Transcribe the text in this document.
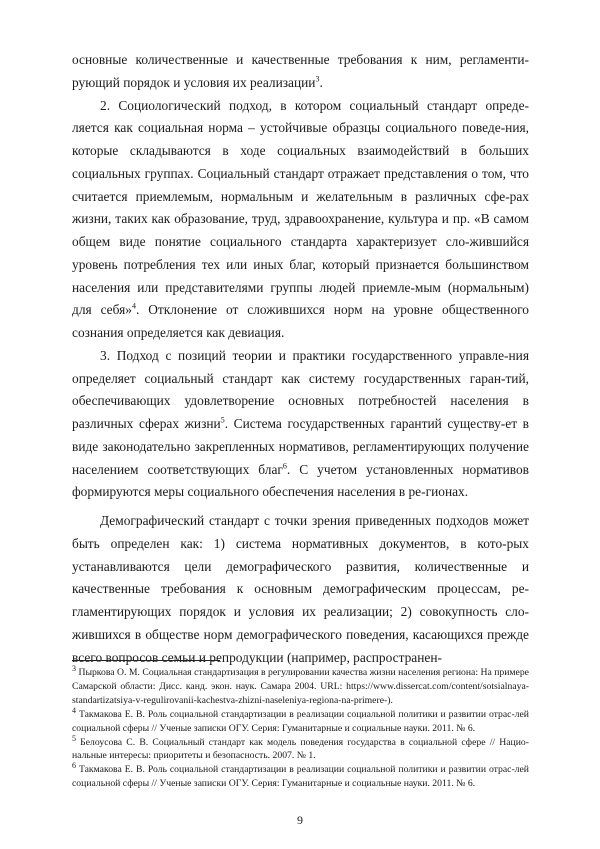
основные количественные и качественные требования к ним, регламенти-рующий порядок и условия их реализации$^3$.

2. Социологический подход, в котором социальный стандарт опреде-ляется как социальная норма – устойчивые образцы социального поведе-ния, которые складываются в ходе социальных взаимодействий в больших социальных группах. Социальный стандарт отражает представления о том, что считается приемлемым, нормальным и желательным в различных сфе-рах жизни, таких как образование, труд, здравоохранение, культура и пр. «В самом общем виде понятие социального стандарта характеризует сло-жившийся уровень потребления тех или иных благ, который признается большинством населения или представителями группы людей приемле-мым (нормальным) для себя»$^4$. Отклонение от сложившихся норм на уровне общественного сознания определяется как девиация.

3. Подход с позиций теории и практики государственного управле-ния определяет социальный стандарт как систему государственных гаран-тий, обеспечивающих удовлетворение основных потребностей населения в различных сферах жизни$^5$. Система государственных гарантий существу-ет в виде законодательно закрепленных нормативов, регламентирующих получение населением соответствующих благ$^6$. С учетом установленных нормативов формируются меры социального обеспечения населения в ре-гионах.

Демографический стандарт с точки зрения приведенных подходов может быть определен как: 1) система нормативных документов, в кото-рых устанавливаются цели демографического развития, количественные и качественные требования к основным демографическим процессам, ре-гламентирующих порядок и условия их реализации; 2) совокупность сло-жившихся в обществе норм демографического поведения, касающихся прежде всего вопросов семьи и репродукции (например, распространен-

$^3$ Пыркова О. М. Социальная стандартизация в регулировании качества жизни населения региона: На примере Самарской области: Дисс. канд. экон. наук. Самара 2004. URL: https://www.dissercat.com/content/sotsialnaya-standartizatsiya-v-regulirovanii-kachestva-zhizni-naseleniya-regiona-na-primere-).

$^4$ Такмакова Е. В. Роль социальной стандартизации в реализации социальной политики и развитии отрас-лей социальной сферы // Ученые записки ОГУ. Серия: Гуманитарные и социальные науки. 2011. № 6.

$^5$ Белоусова С. В. Социальный стандарт как модель поведения государства в социальной сфере // Нацио-нальные интересы: приоритеты и безопасность. 2007. № 1.

$^6$ Такмакова Е. В. Роль социальной стандартизации в реализации социальной политики и развитии отрас-лей социальной сферы // Ученые записки ОГУ. Серия: Гуманитарные и социальные науки. 2011. № 6.

9
